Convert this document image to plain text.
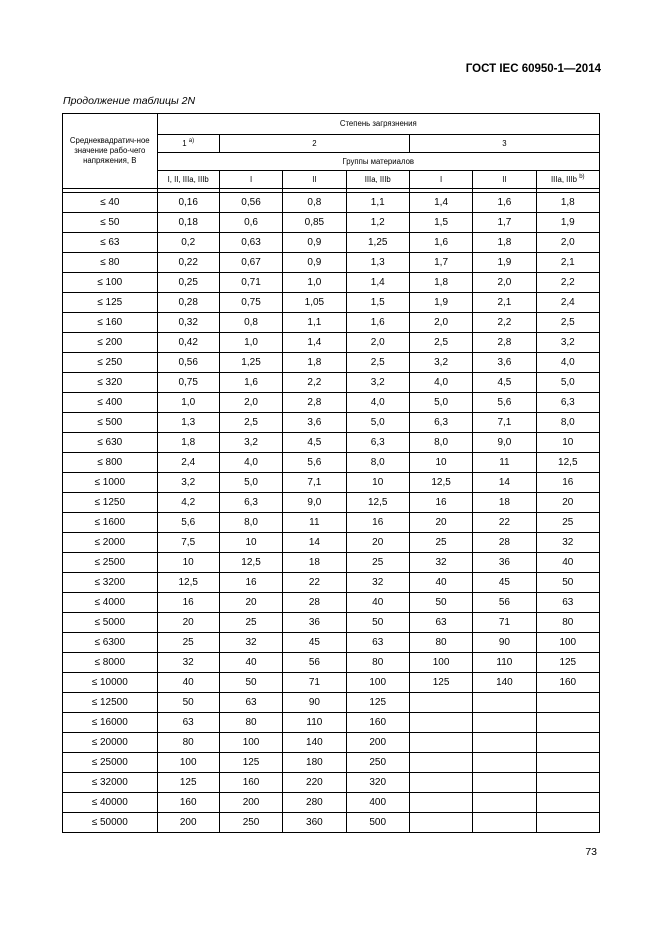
ГОСТ IEC 60950-1—2014
Продолжение таблицы 2N
Среднеквадратич-ное значение рабо-чего напряжения, В	Степень загрязнения						
	1 $^{а)}$	2			3		
	Группы материалов						
	I, II, IIIa, IIIb	I	II	IIIa, IIIb	I	II	IIIa, IIIb $^{b)}$

≤ 40	0,16	0,56	0,8	1,1	1,4	1,6	1,8
≤ 50	0,18	0,6	0,85	1,2	1,5	1,7	1,9
≤ 63	0,2	0,63	0,9	1,25	1,6	1,8	2,0
≤ 80	0,22	0,67	0,9	1,3	1,7	1,9	2,1
≤ 100	0,25	0,71	1,0	1,4	1,8	2,0	2,2
≤ 125	0,28	0,75	1,05	1,5	1,9	2,1	2,4
≤ 160	0,32	0,8	1,1	1,6	2,0	2,2	2,5
≤ 200	0,42	1,0	1,4	2,0	2,5	2,8	3,2
≤ 250	0,56	1,25	1,8	2,5	3,2	3,6	4,0
≤ 320	0,75	1,6	2,2	3,2	4,0	4,5	5,0
≤ 400	1,0	2,0	2,8	4,0	5,0	5,6	6,3
≤ 500	1,3	2,5	3,6	5,0	6,3	7,1	8,0
≤ 630	1,8	3,2	4,5	6,3	8,0	9,0	10
≤ 800	2,4	4,0	5,6	8,0	10	11	12,5
≤ 1000	3,2	5,0	7,1	10	12,5	14	16
≤ 1250	4,2	6,3	9,0	12,5	16	18	20
≤ 1600	5,6	8,0	11	16	20	22	25
≤ 2000	7,5	10	14	20	25	28	32
≤ 2500	10	12,5	18	25	32	36	40
≤ 3200	12,5	16	22	32	40	45	50
≤ 4000	16	20	28	40	50	56	63
≤ 5000	20	25	36	50	63	71	80
≤ 6300	25	32	45	63	80	90	100
≤ 8000	32	40	56	80	100	110	125
≤ 10000	40	50	71	100	125	140	160
≤ 12500	50	63	90	125			
≤ 16000	63	80	110	160			
≤ 20000	80	100	140	200			
≤ 25000	100	125	180	250			
≤ 32000	125	160	220	320			
≤ 40000	160	200	280	400			
≤ 50000	200	250	360	500			
73
